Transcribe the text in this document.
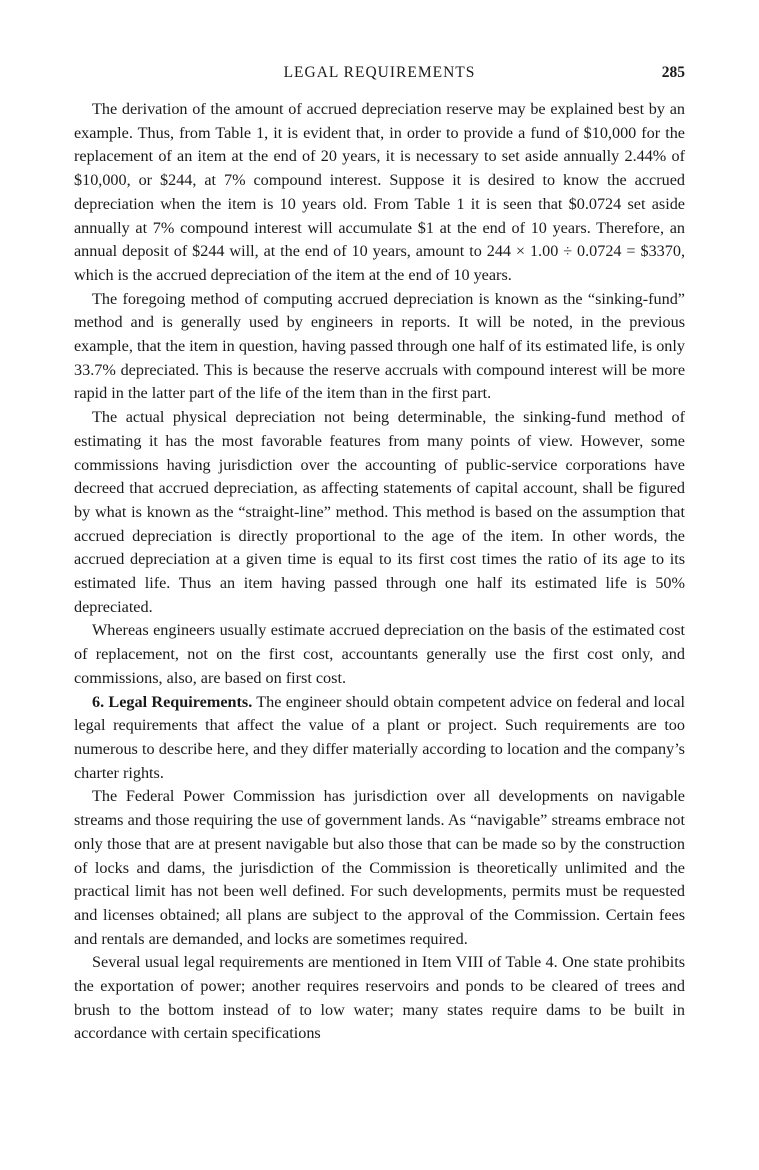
LEGAL REQUIREMENTS	285

The derivation of the amount of accrued depreciation reserve may be explained best by an example. Thus, from Table 1, it is evident that, in order to provide a fund of $10,000 for the replacement of an item at the end of 20 years, it is necessary to set aside annually 2.44% of $10,000, or $244, at 7% compound interest. Suppose it is desired to know the accrued depreciation when the item is 10 years old. From Table 1 it is seen that $0.0724 set aside annually at 7% compound interest will accumulate $1 at the end of 10 years. Therefore, an annual deposit of $244 will, at the end of 10 years, amount to 244 × 1.00 ÷ 0.0724 = $3370, which is the accrued depreciation of the item at the end of 10 years.

The foregoing method of computing accrued depreciation is known as the “sinking-fund” method and is generally used by engineers in reports. It will be noted, in the previous example, that the item in question, having passed through one half of its estimated life, is only 33.7% depreciated. This is because the reserve accruals with compound interest will be more rapid in the latter part of the life of the item than in the first part.

The actual physical depreciation not being determinable, the sinking-fund method of estimating it has the most favorable features from many points of view. However, some commissions having jurisdiction over the accounting of public-service corporations have decreed that accrued depreciation, as affecting statements of capital account, shall be figured by what is known as the “straight-line” method. This method is based on the assumption that accrued depreciation is directly proportional to the age of the item. In other words, the accrued depreciation at a given time is equal to its first cost times the ratio of its age to its estimated life. Thus an item having passed through one half its estimated life is 50% depreciated.

Whereas engineers usually estimate accrued depreciation on the basis of the estimated cost of replacement, not on the first cost, accountants generally use the first cost only, and commissions, also, are based on first cost.

6. Legal Requirements. The engineer should obtain competent advice on federal and local legal requirements that affect the value of a plant or project. Such requirements are too numerous to describe here, and they differ materially according to location and the company’s charter rights.

The Federal Power Commission has jurisdiction over all developments on navigable streams and those requiring the use of government lands. As “navigable” streams embrace not only those that are at present navigable but also those that can be made so by the construction of locks and dams, the jurisdiction of the Commission is theoretically unlimited and the practical limit has not been well defined. For such developments, permits must be requested and licenses obtained; all plans are subject to the approval of the Commission. Certain fees and rentals are demanded, and locks are sometimes required.

Several usual legal requirements are mentioned in Item VIII of Table 4. One state prohibits the exportation of power; another requires reservoirs and ponds to be cleared of trees and brush to the bottom instead of to low water; many states require dams to be built in accordance with certain specifications
